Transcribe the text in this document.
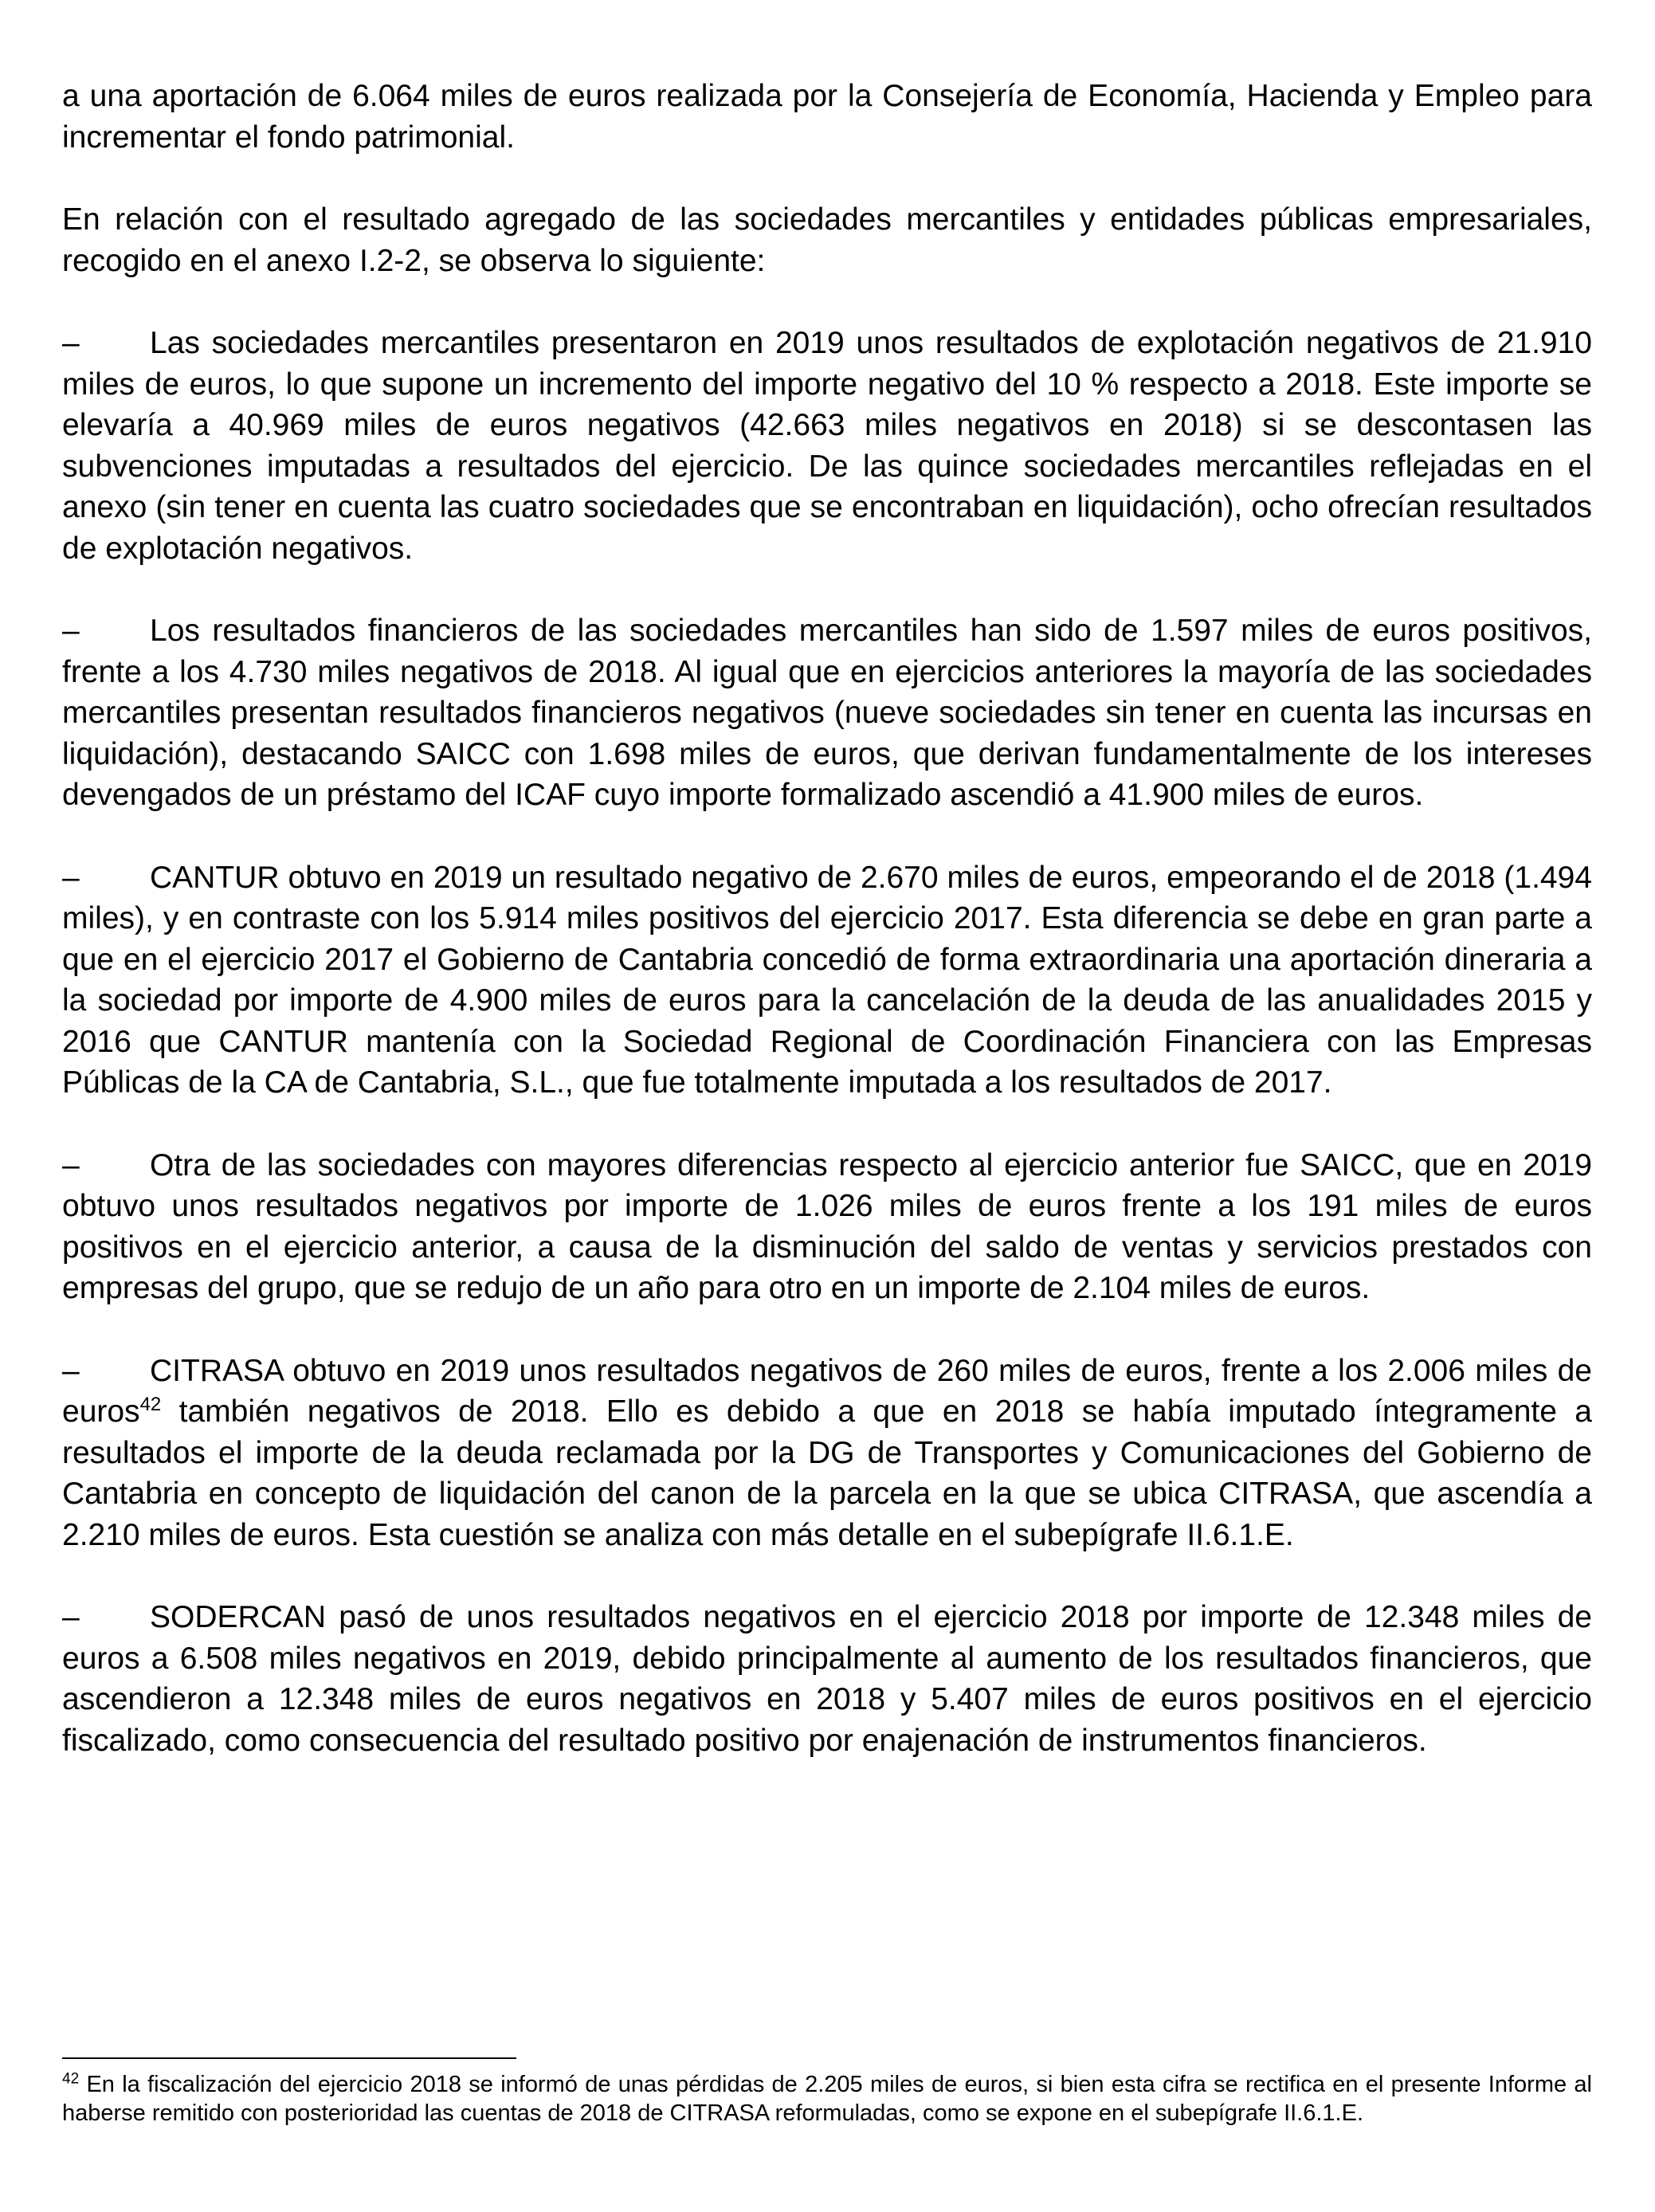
a una aportación de 6.064 miles de euros realizada por la Consejería de Economía, Hacienda y Empleo para incrementar el fondo patrimonial.

En relación con el resultado agregado de las sociedades mercantiles y entidades públicas empresariales, recogido en el anexo I.2-2, se observa lo siguiente:

– Las sociedades mercantiles presentaron en 2019 unos resultados de explotación negativos de 21.910 miles de euros, lo que supone un incremento del importe negativo del 10 % respecto a 2018. Este importe se elevaría a 40.969 miles de euros negativos (42.663 miles negativos en 2018) si se descontasen las subvenciones imputadas a resultados del ejercicio. De las quince sociedades mercantiles reflejadas en el anexo (sin tener en cuenta las cuatro sociedades que se encontraban en liquidación), ocho ofrecían resultados de explotación negativos.

– Los resultados financieros de las sociedades mercantiles han sido de 1.597 miles de euros positivos, frente a los 4.730 miles negativos de 2018. Al igual que en ejercicios anteriores la mayoría de las sociedades mercantiles presentan resultados financieros negativos (nueve sociedades sin tener en cuenta las incursas en liquidación), destacando SAICC con 1.698 miles de euros, que derivan fundamentalmente de los intereses devengados de un préstamo del ICAF cuyo importe formalizado ascendió a 41.900 miles de euros.

– CANTUR obtuvo en 2019 un resultado negativo de 2.670 miles de euros, empeorando el de 2018 (1.494 miles), y en contraste con los 5.914 miles positivos del ejercicio 2017. Esta diferencia se debe en gran parte a que en el ejercicio 2017 el Gobierno de Cantabria concedió de forma extraordinaria una aportación dineraria a la sociedad por importe de 4.900 miles de euros para la cancelación de la deuda de las anualidades 2015 y 2016 que CANTUR mantenía con la Sociedad Regional de Coordinación Financiera con las Empresas Públicas de la CA de Cantabria, S.L., que fue totalmente imputada a los resultados de 2017.

– Otra de las sociedades con mayores diferencias respecto al ejercicio anterior fue SAICC, que en 2019 obtuvo unos resultados negativos por importe de 1.026 miles de euros frente a los 191 miles de euros positivos en el ejercicio anterior, a causa de la disminución del saldo de ventas y servicios prestados con empresas del grupo, que se redujo de un año para otro en un importe de 2.104 miles de euros.

– CITRASA obtuvo en 2019 unos resultados negativos de 260 miles de euros, frente a los 2.006 miles de euros$^{42}$ también negativos de 2018. Ello es debido a que en 2018 se había imputado íntegramente a resultados el importe de la deuda reclamada por la DG de Transportes y Comunicaciones del Gobierno de Cantabria en concepto de liquidación del canon de la parcela en la que se ubica CITRASA, que ascendía a 2.210 miles de euros. Esta cuestión se analiza con más detalle en el subepígrafe II.6.1.E.

– SODERCAN pasó de unos resultados negativos en el ejercicio 2018 por importe de 12.348 miles de euros a 6.508 miles negativos en 2019, debido principalmente al aumento de los resultados financieros, que ascendieron a 12.348 miles de euros negativos en 2018 y 5.407 miles de euros positivos en el ejercicio fiscalizado, como consecuencia del resultado positivo por enajenación de instrumentos financieros.

$^{42}$ En la fiscalización del ejercicio 2018 se informó de unas pérdidas de 2.205 miles de euros, si bien esta cifra se rectifica en el presente Informe al haberse remitido con posterioridad las cuentas de 2018 de CITRASA reformuladas, como se expone en el subepígrafe II.6.1.E.
